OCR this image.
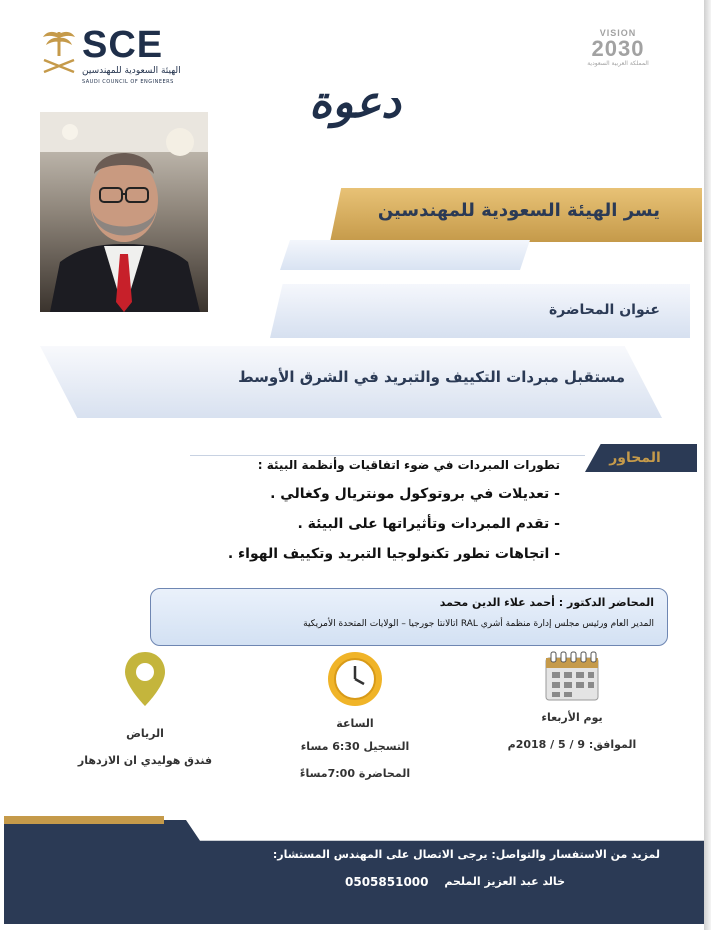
SCE
الهيئة السعودية للمهندسين
SAUDI COUNCIL OF ENGINEERS
VISION
2030
المملكة العربية السعودية
دعوة
يسر الهيئة السعودية للمهندسين
عنوان المحاضرة
مستقبل مبردات التكييف والتبريد في الشرق الأوسط
المحاور
تطورات المبردات في ضوء اتفاقيات وأنظمة البيئة :
- تعديلات في بروتوكول مونتريال وكغالي .
- تقدم المبردات وتأثيراتها على البيئة .
- اتجاهات تطور تكنولوجيا التبريد وتكييف الهواء .
المحاضر الدكتور : أحمد علاء الدين محمد
المدير العام ورئيس مجلس إدارة منظمة أشري RAL اتالانتا جورجيا – الولايات المتحدة الأمريكية
يوم الأربعاء
الموافق: 9 / 5 / 2018م
الساعة
التسجيل 6:30 مساء
المحاضرة 7:00مساءً
الرياض
فندق هوليدي ان الازدهار
لمزيد من الاستفسار والتواصل: يرجى الاتصال على المهندس المستشار:
خالد عبد العزيز الملحم
0505851000
